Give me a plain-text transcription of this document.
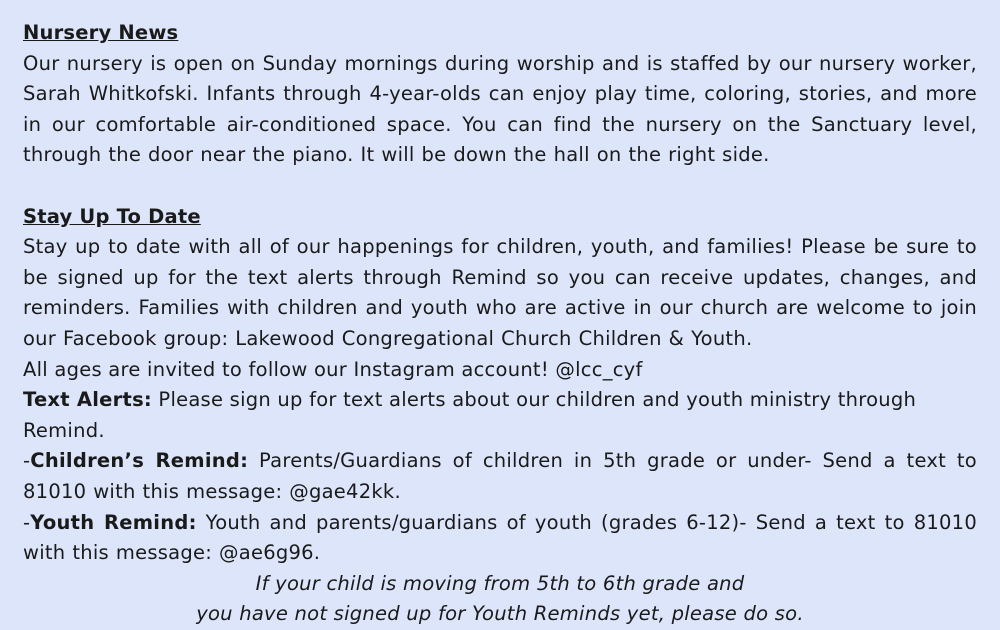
Nursery News

Our nursery is open on Sunday mornings during worship and is staffed by our nursery worker, Sarah Whitkofski. Infants through 4-year-olds can enjoy play time, coloring, stories, and more in our comfortable air-conditioned space. You can find the nursery on the Sanctuary level, through the door near the piano. It will be down the hall on the right side.

Stay Up To Date

Stay up to date with all of our happenings for children, youth, and families! Please be sure to be signed up for the text alerts through Remind so you can receive updates, changes, and reminders. Families with children and youth who are active in our church are welcome to join our Facebook group: Lakewood Congregational Church Children & Youth.

All ages are invited to follow our Instagram account! @lcc_cyf

Text Alerts: Please sign up for text alerts about our children and youth ministry through Remind.

-Children’s Remind: Parents/Guardians of children in 5th grade or under- Send a text to 81010 with this message: @gae42kk.

-Youth Remind: Youth and parents/guardians of youth (grades 6-12)- Send a text to 81010 with this message: @ae6g96.

If your child is moving from 5th to 6th grade and

you have not signed up for Youth Reminds yet, please do so.
